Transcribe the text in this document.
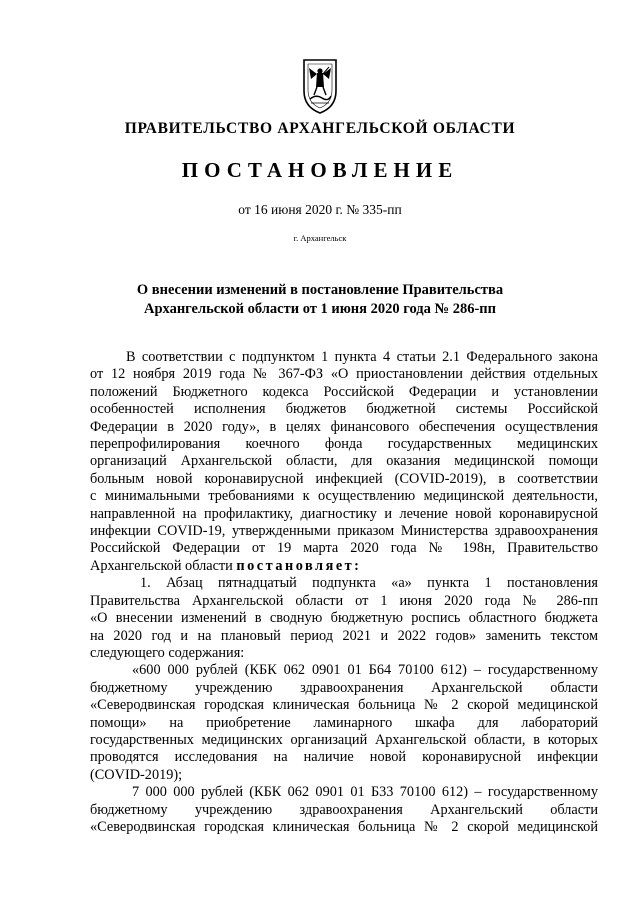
ПРАВИТЕЛЬСТВО АРХАНГЕЛЬСКОЙ ОБЛАСТИ
ПОСТАНОВЛЕНИЕ
от 16 июня 2020 г. № 335-пп
г. Архангельск
О внесении изменений в постановление Правительства
Архангельской области от 1 июня 2020 года № 286-пп
В соответствии с подпунктом 1 пункта 4 статьи 2.1 Федерального закона
от 12 ноября 2019 года № 367-ФЗ «О приостановлении действия отдельных
положений Бюджетного кодекса Российской Федерации и установлении
особенностей исполнения бюджетов бюджетной системы Российской
Федерации в 2020 году», в целях финансового обеспечения осуществления
перепрофилирования коечного фонда государственных медицинских
организаций Архангельской области, для оказания медицинской помощи
больным новой коронавирусной инфекцией (COVID-2019), в соответствии
с минимальными требованиями к осуществлению медицинской деятельности,
направленной на профилактику, диагностику и лечение новой коронавирусной
инфекции COVID-19, утвержденными приказом Министерства здравоохранения
Российской Федерации от 19 марта 2020 года № 198н, Правительство
Архангельской области постановляет:
1. Абзац пятнадцатый подпункта «а» пункта 1 постановления
Правительства Архангельской области от 1 июня 2020 года № 286-пп
«О внесении изменений в сводную бюджетную роспись областного бюджета
на 2020 год и на плановый период 2021 и 2022 годов» заменить текстом
следующего содержания:
«600 000 рублей (КБК 062 0901 01 Б64 70100 612) – государственному
бюджетному учреждению здравоохранения Архангельской области
«Северодвинская городская клиническая больница № 2 скорой медицинской
помощи» на приобретение ламинарного шкафа для лабораторий
государственных медицинских организаций Архангельской области, в которых
проводятся исследования на наличие новой коронавирусной инфекции
(COVID-2019);
7 000 000 рублей (КБК 062 0901 01 Б33 70100 612) – государственному
бюджетному учреждению здравоохранения Архангельский области
«Северодвинская городская клиническая больница № 2 скорой медицинской
